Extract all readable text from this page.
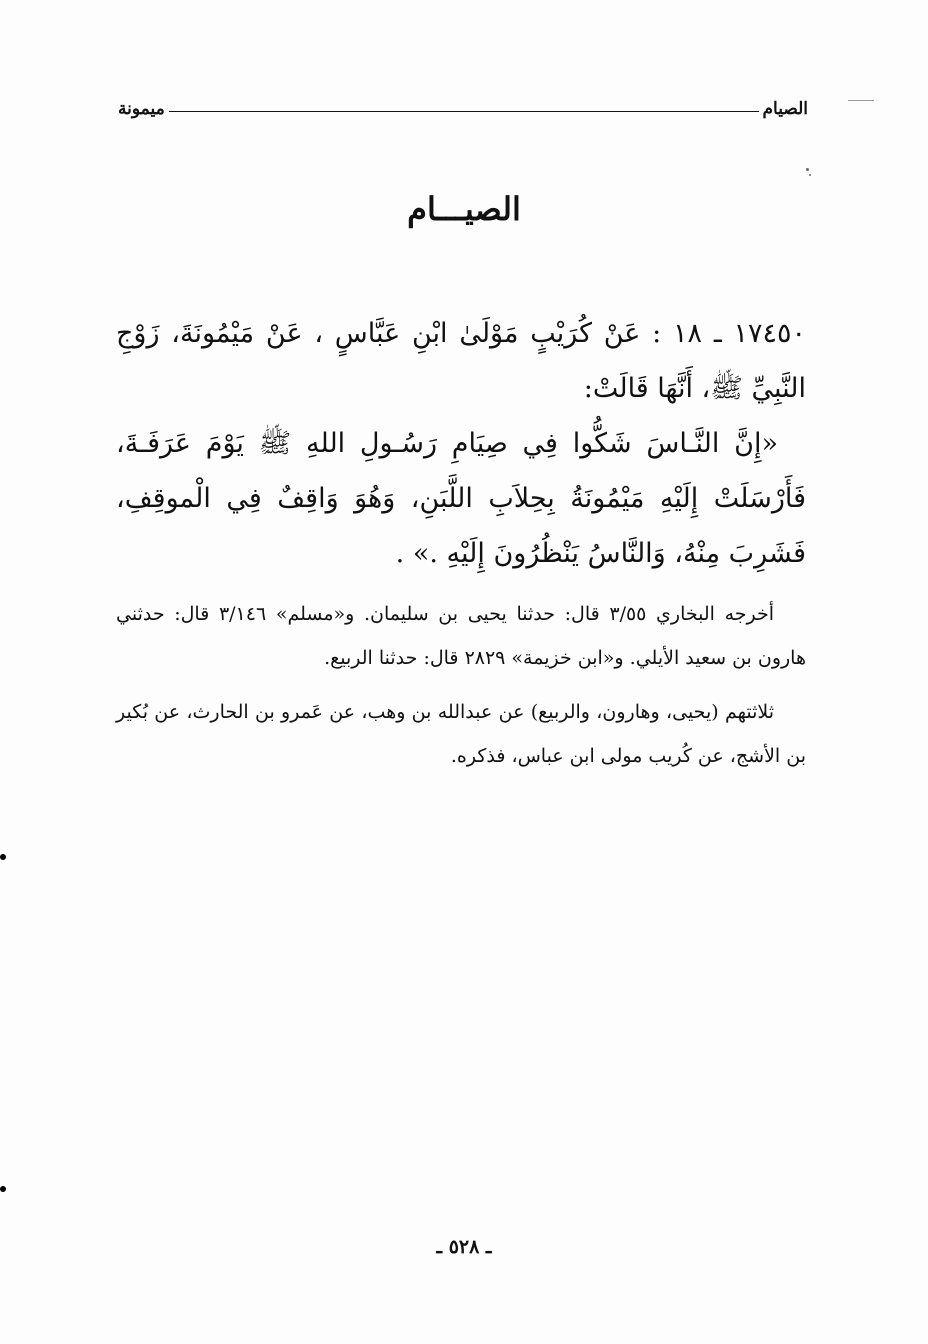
الصيام
ميمونة
الصيـــام

١٧٤٥٠ ـ ١٨ : عَنْ كُرَيْبٍ مَوْلَىٰ ابْنِ عَبَّاسٍ ، عَنْ مَيْمُونَةَ، زَوْجِ النَّبِيِّ ﷺ، أَنَّهَا قَالَتْ:

«إِنَّ النَّـاسَ شَكُّوا فِي صِيَامِ رَسُـولِ اللهِ ﷺ يَوْمَ عَرَفَـةَ، فَأَرْسَلَتْ إِلَيْهِ مَيْمُونَةُ بِحِلاَبِ اللَّبَنِ، وَهُوَ وَاقِفٌ فِي الْموقِفِ، فَشَرِبَ مِنْهُ، وَالنَّاسُ يَنْظُرُونَ إِلَيْهِ .» .

أخرجه البخاري ٣/٥٥ قال: حدثنا يحيى بن سليمان. و«مسلم» ٣/١٤٦ قال: حدثني هارون بن سعيد الأيلي. و«ابن خزيمة» ٢٨٢٩ قال: حدثنا الربيع.

ثلاثتهم (يحيى، وهارون، والربيع) عن عبدالله بن وهب، عن عَمرو بن الحارث، عن بُكير بن الأشج، عن كُريب مولى ابن عباس، فذكره.

ـ ٥٢٨ ـ
